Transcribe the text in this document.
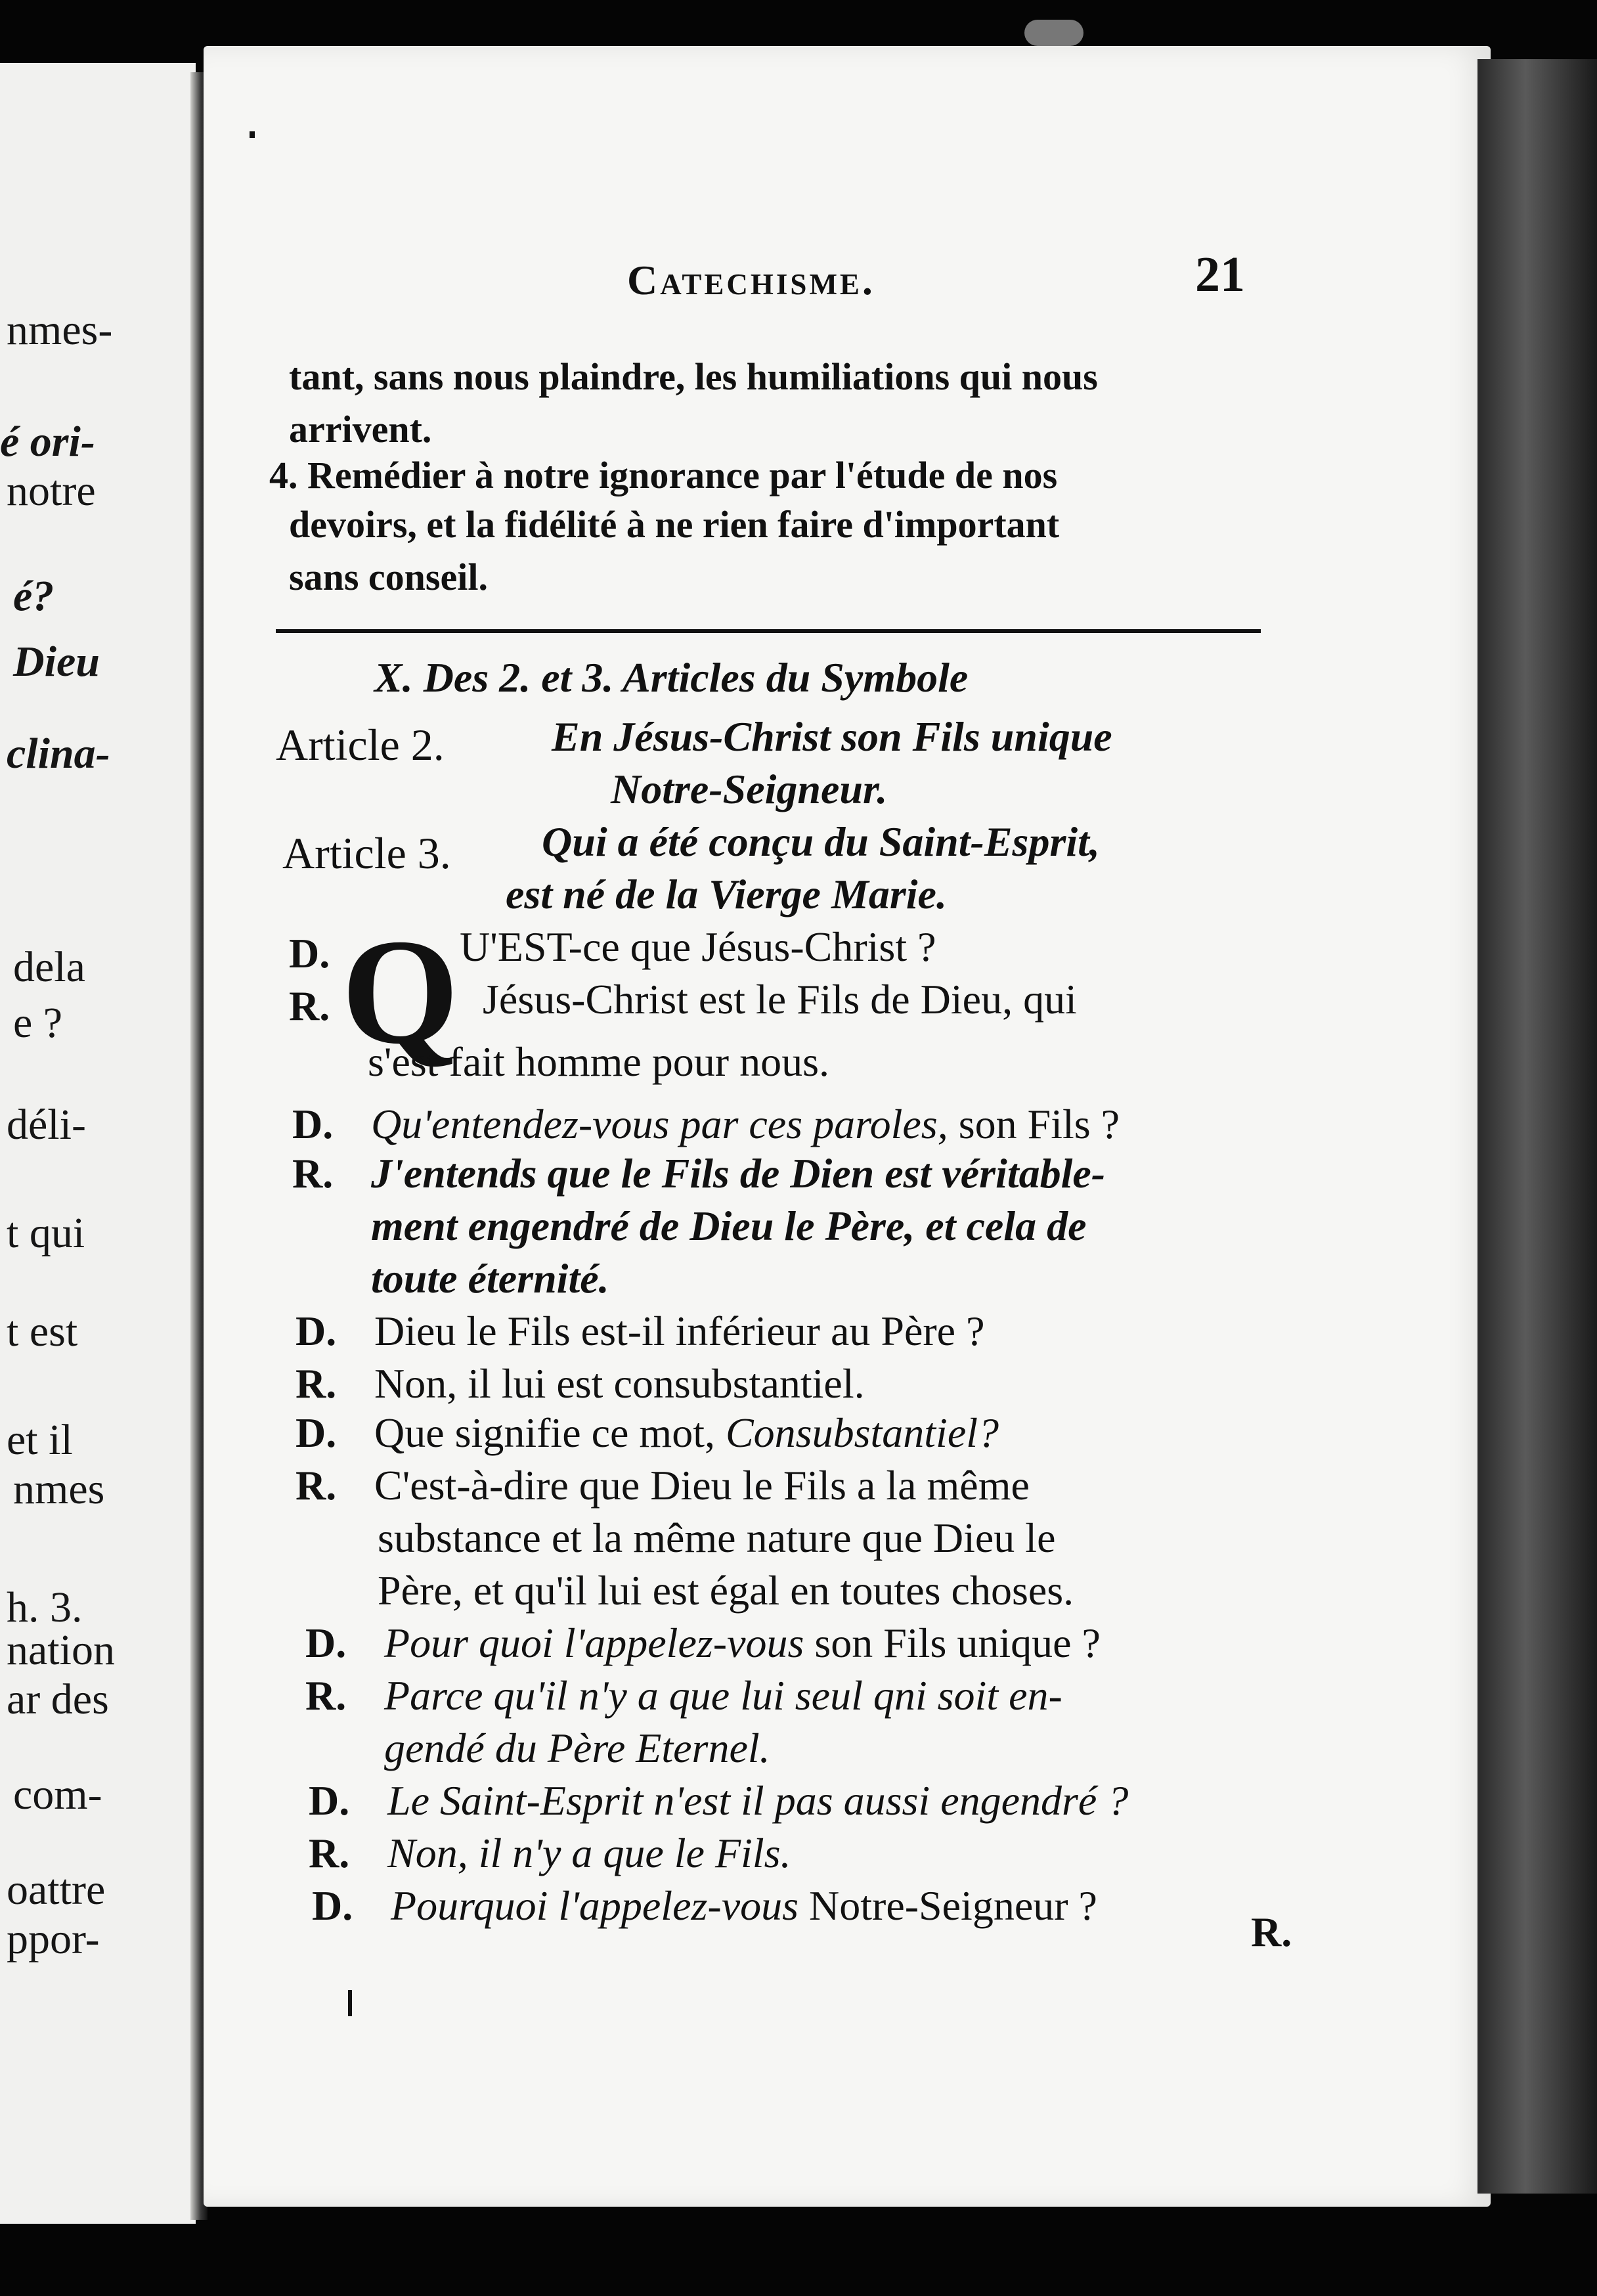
nmes-
é ori-
notre
é?
Dieu
clina-
dela
e ?
déli-
t qui
t est
et il
nmes
h. 3.
nation
ar des
com-
oattre
ppor-
Catechisme.	21
tant, sans nous plaindre, les humiliations qui nous
arrivent.
4. Remédier à notre ignorance par l'étude de nos
devoirs, et la fidélité à ne rien faire d'important
sans conseil.
X. Des 2. et 3. Articles du Symbole
Article 2.	En Jésus-Christ son Fils unique
Notre-Seigneur.
Article 3.	Qui a été conçu du Saint-Esprit,
est né de la Vierge Marie.
Q
D.	U'EST-ce que Jésus-Christ ?
R.	Jésus-Christ est le Fils de Dieu, qui
s'est fait homme pour nous.
D. Qu'entendez-vous par ces paroles, son Fils ?
R. J'entends que le Fils de Dien est véritable-
ment engendré de Dieu le Père, et cela de
toute éternité.
D. Dieu le Fils est-il inférieur au Père ?
R. Non, il lui est consubstantiel.
D. Que signifie ce mot, Consubstantiel?
R. C'est-à-dire que Dieu le Fils a la même
substance et la même nature que Dieu le
Père, et qu'il lui est égal en toutes choses.
D. Pour quoi l'appelez-vous son Fils unique ?
R. Parce qu'il n'y a que lui seul qni soit en-
gendé du Père Eternel.
D. Le Saint-Esprit n'est il pas aussi engendré ?
R. Non, il n'y a que le Fils.
D. Pourquoi l'appelez-vous Notre-Seigneur ?
R.
